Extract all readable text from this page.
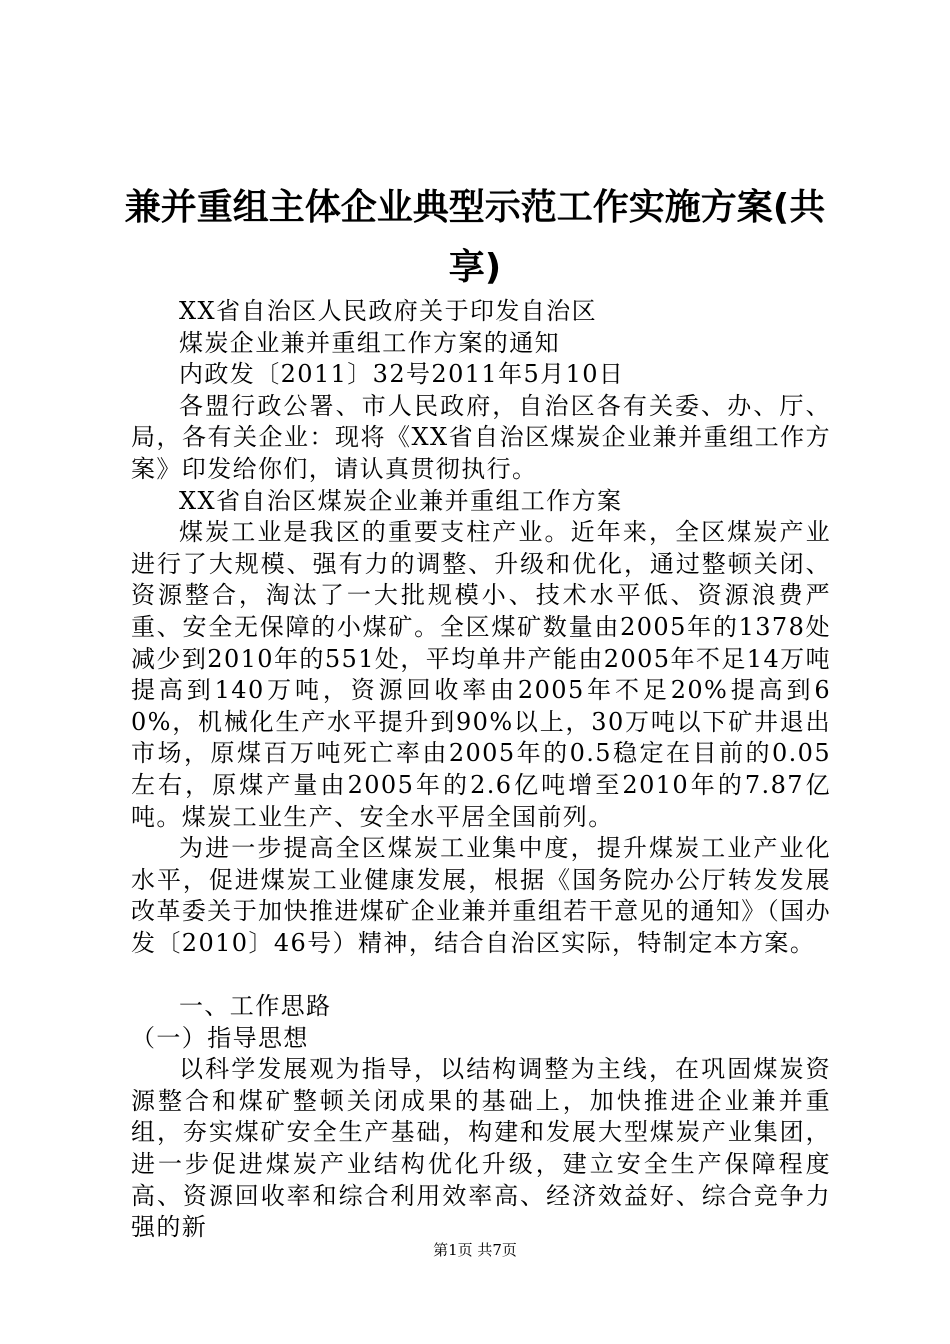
兼并重组主体企业典型示范工作实施方案(共享)

XX省自治区人民政府关于印发自治区

煤炭企业兼并重组工作方案的通知

内政发〔2011〕32号2011年5月10日

各盟行政公署、市人民政府，自治区各有关委、办、厅、局，各有关企业：现将《XX省自治区煤炭企业兼并重组工作方案》印发给你们，请认真贯彻执行。

XX省自治区煤炭企业兼并重组工作方案

煤炭工业是我区的重要支柱产业。近年来，全区煤炭产业进行了大规模、强有力的调整、升级和优化，通过整顿关闭、资源整合，淘汰了一大批规模小、技术水平低、资源浪费严重、安全无保障的小煤矿。全区煤矿数量由2005年的1378处减少到2010年的551处，平均单井产能由2005年不足14万吨提高到140万吨，资源回收率由2005年不足20%提高到60%，机械化生产水平提升到90%以上，30万吨以下矿井退出市场，原煤百万吨死亡率由2005年的0.5稳定在目前的0.05左右，原煤产量由2005年的2.6亿吨增至2010年的7.87亿吨。煤炭工业生产、安全水平居全国前列。

为进一步提高全区煤炭工业集中度，提升煤炭工业产业化水平，促进煤炭工业健康发展，根据《国务院办公厅转发发展改革委关于加快推进煤矿企业兼并重组若干意见的通知》（国办发〔2010〕46号）精神，结合自治区实际，特制定本方案。

一、工作思路

（一）指导思想

以科学发展观为指导，以结构调整为主线，在巩固煤炭资源整合和煤矿整顿关闭成果的基础上，加快推进企业兼并重组，夯实煤矿安全生产基础，构建和发展大型煤炭产业集团，进一步促进煤炭产业结构优化升级，建立安全生产保障程度高、资源回收率和综合利用效率高、经济效益好、综合竞争力强的新

第1页 共7页
